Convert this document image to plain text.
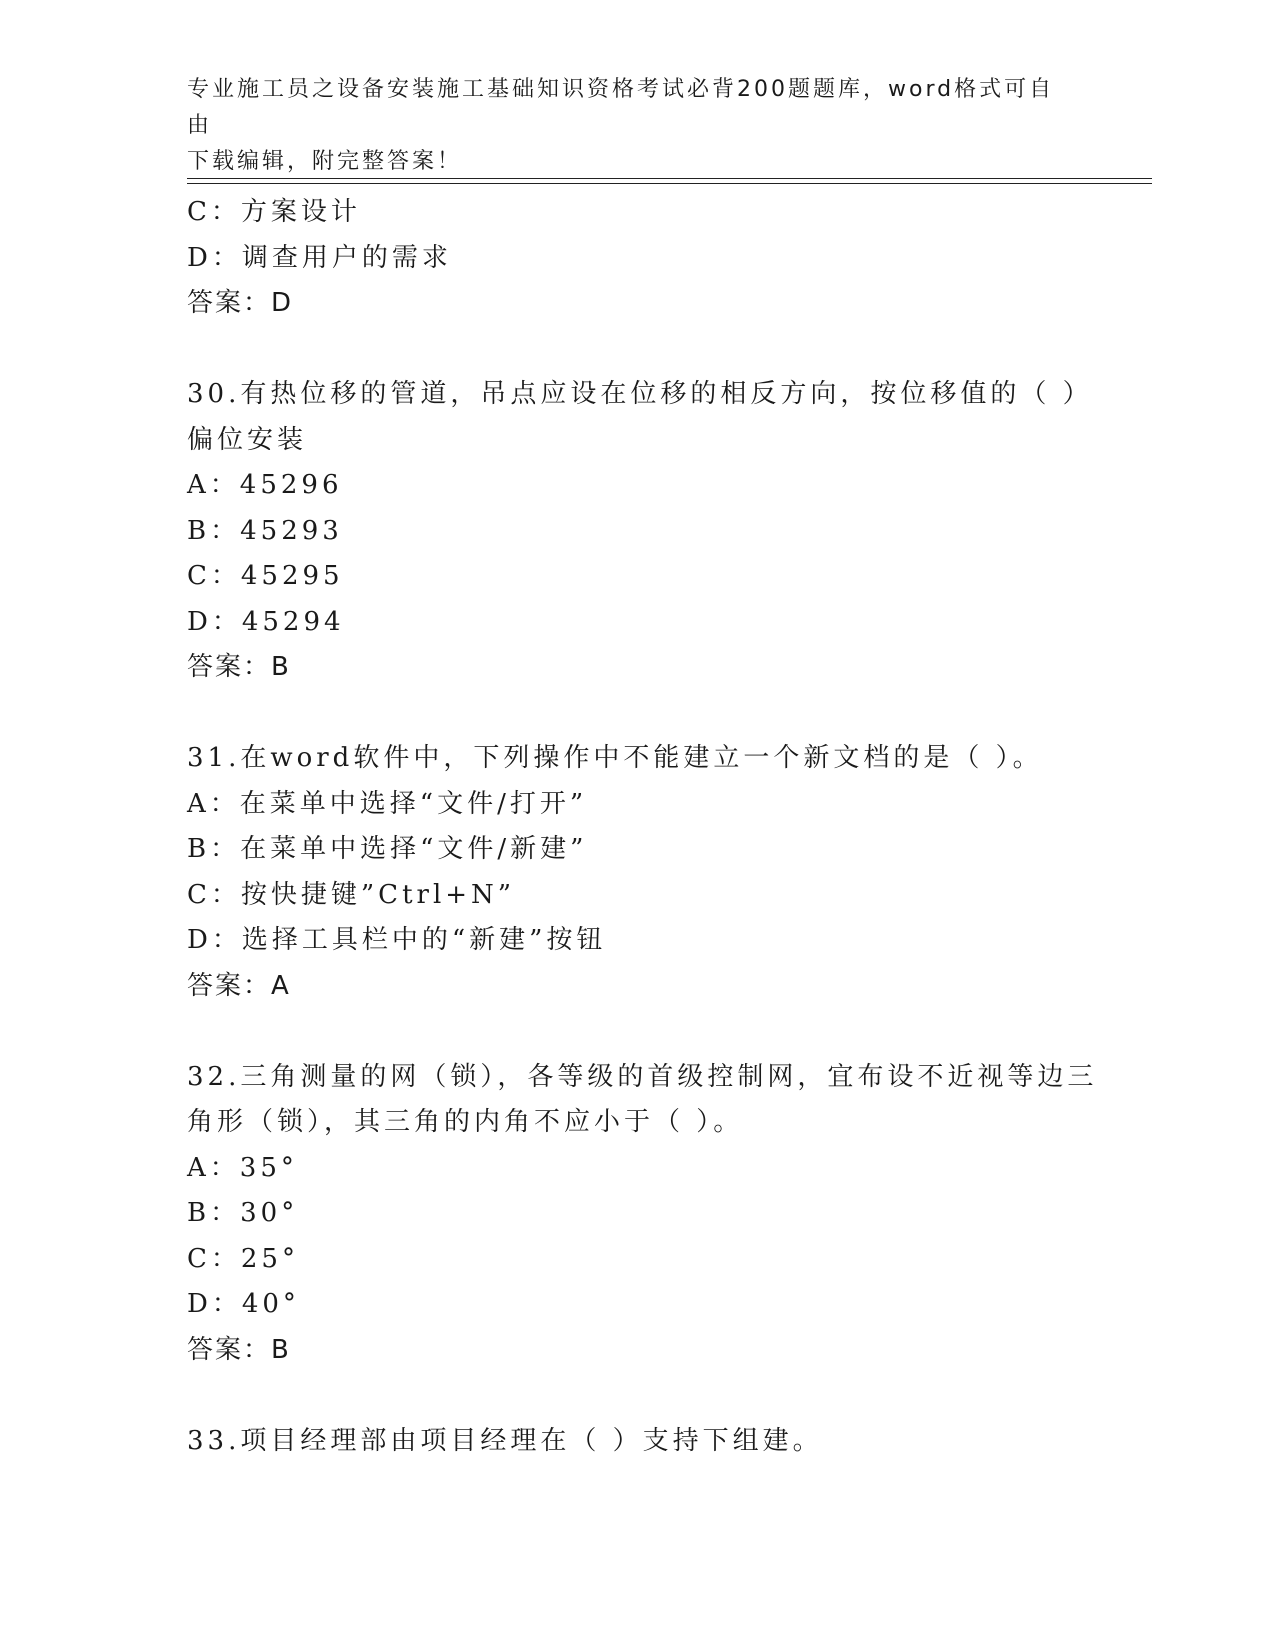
专业施工员之设备安装施工基础知识资格考试必背200题题库，word格式可自由
下载编辑，附完整答案！
C：方案设计
D：调查用户的需求
答案：D
30.有热位移的管道，吊点应设在位移的相反方向，按位移值的（ ）
偏位安装
A：45296
B：45293
C：45295
D：45294
答案：B
31.在word软件中，下列操作中不能建立一个新文档的是（ ）。
A：在菜单中选择“文件/打开”
B：在菜单中选择“文件/新建”
C：按快捷键”Ctrl+N”
D：选择工具栏中的“新建”按钮
答案：A
32.三角测量的网（锁），各等级的首级控制网，宜布设不近视等边三
角形（锁），其三角的内角不应小于（ ）。
A：35°
B：30°
C：25°
D：40°
答案：B
33.项目经理部由项目经理在（ ）支持下组建。
